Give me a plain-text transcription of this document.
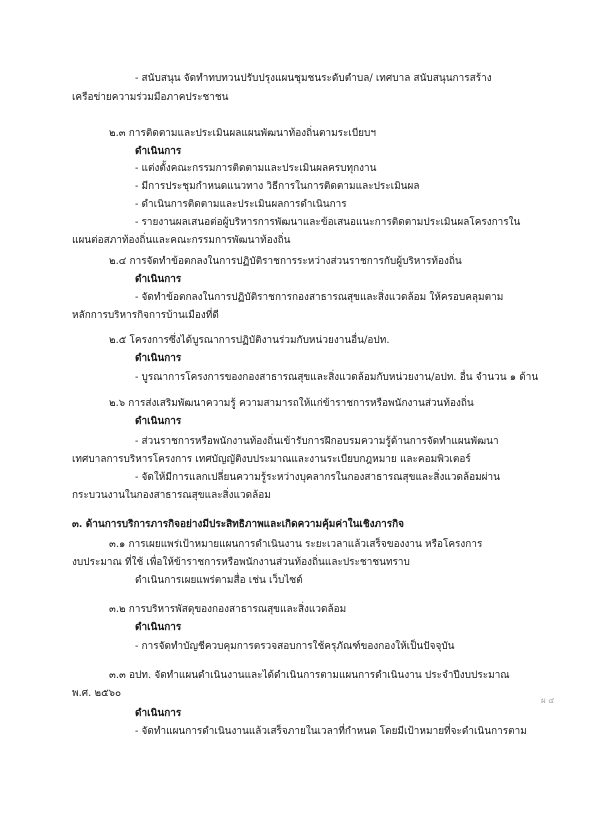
- สนับสนุน จัดทำทบทวนปรับปรุงแผนชุมชนระดับตำบล/ เทศบาล สนับสนุนการสร้าง
เครือข่ายความร่วมมือภาคประชาชน
๒.๓ การติดตามและประเมินผลแผนพัฒนาท้องถิ่นตามระเบียบฯ
ดำเนินการ
- แต่งตั้งคณะกรรมการติดตามและประเมินผลครบทุกงาน
- มีการประชุมกำหนดแนวทาง วิธีการในการติดตามและประเมินผล
- ดำเนินการติดตามและประเมินผลการดำเนินการ
- รายงานผลเสนอต่อผู้บริหารการพัฒนาและข้อเสนอแนะการติดตามประเมินผลโครงการใน
แผนต่อสภาท้องถิ่นและคณะกรรมการพัฒนาท้องถิ่น
๒.๔ การจัดทำข้อตกลงในการปฏิบัติราชการระหว่างส่วนราชการกับผู้บริหารท้องถิ่น
ดำเนินการ
- จัดทำข้อตกลงในการปฏิบัติราชการกองสาธารณสุขและสิ่งแวดล้อม ให้ครอบคลุมตาม
หลักการบริหารกิจการบ้านเมืองที่ดี
๒.๕ โครงการซึ่งได้บูรณาการปฏิบัติงานร่วมกับหน่วยงานอื่น/อปท.
ดำเนินการ
- บูรณาการโครงการของกองสาธารณสุขและสิ่งแวดล้อมกับหน่วยงาน/อปท. อื่น จำนวน ๑ ด้าน
๒.๖ การส่งเสริมพัฒนาความรู้ ความสามารถให้แก่ข้าราชการหรือพนักงานส่วนท้องถิ่น
ดำเนินการ
- ส่วนราชการหรือพนักงานท้องถิ่นเข้ารับการฝึกอบรมความรู้ด้านการจัดทำแผนพัฒนา
เทศบาลการบริหารโครงการ เทศบัญญัติงบประมาณและงานระเบียบกฎหมาย และคอมพิวเตอร์
- จัดให้มีการแลกเปลี่ยนความรู้ระหว่างบุคลากรในกองสาธารณสุขและสิ่งแวดล้อมผ่าน
กระบวนงานในกองสาธารณสุขและสิ่งแวดล้อม
๓. ด้านการบริการภารกิจอย่างมีประสิทธิภาพและเกิดความคุ้มค่าในเชิงภารกิจ
๓.๑ การเผยแพร่เป้าหมายแผนการดำเนินงาน ระยะเวลาแล้วเสร็จของงาน หรือโครงการ
งบประมาณ ที่ใช้ เพื่อให้ข้าราชการหรือพนักงานส่วนท้องถิ่นและประชาชนทราบ
ดำเนินการเผยแพร่ตามสื่อ เช่น เว็บไซต์
๓.๒ การบริหารพัสดุของกองสาธารณสุขและสิ่งแวดล้อม
ดำเนินการ
- การจัดทำบัญชีควบคุมการตรวจสอบการใช้ครุภัณฑ์ของกองให้เป็นปัจจุบัน
๓.๓ อปท. จัดทำแผนดำเนินงานและได้ดำเนินการตามแผนการดำเนินงาน ประจำปีงบประมาณ
พ.ศ. ๒๕๖๐
ดำเนินการ
- จัดทำแผนการดำเนินงานแล้วเสร็จภายในเวลาที่กำหนด โดยมีเป้าหมายที่จะดำเนินการตาม
ผ ๔
